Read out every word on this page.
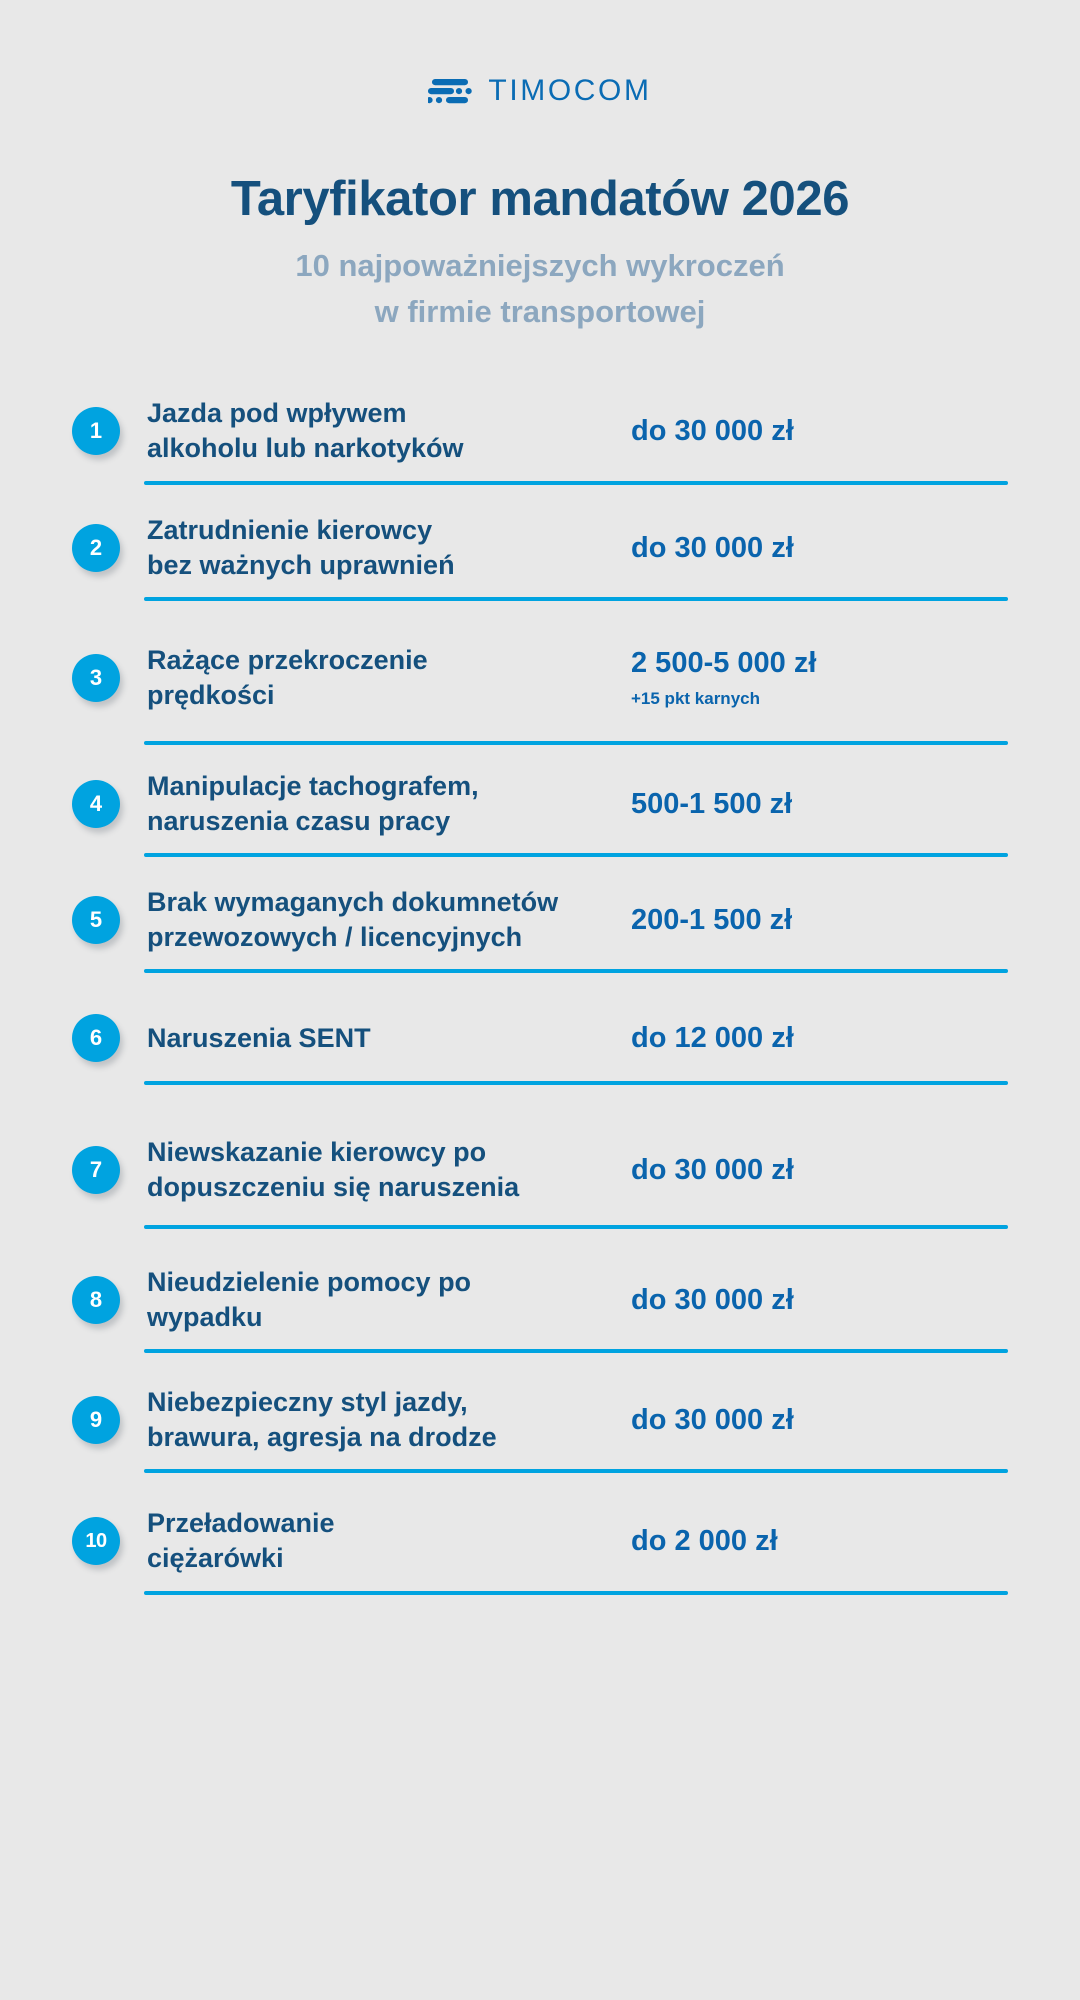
TIMOCOM
Taryfikator mandatów 2026
10 najpoważniejszych wykroczeń
w firmie transportowej
1
Jazda pod wpływem
alkoholu lub narkotyków
do 30 000 zł
2
Zatrudnienie kierowcy
bez ważnych uprawnień
do 30 000 zł
3
Rażące przekroczenie
prędkości
2 500-5 000 zł
+15 pkt karnych
4
Manipulacje tachografem,
naruszenia czasu pracy
500-1 500 zł
5
Brak wymaganych dokumnetów
przewozowych / licencyjnych
200-1 500 zł
6	Naruszenia SENT	do 12 000 zł
7
Niewskazanie kierowcy po
dopuszczeniu się naruszenia
do 30 000 zł
8
Nieudzielenie pomocy po
wypadku
do 30 000 zł
9
Niebezpieczny styl jazdy,
brawura, agresja na drodze
do 30 000 zł
10
Przeładowanie
ciężarówki
do 2 000 zł
